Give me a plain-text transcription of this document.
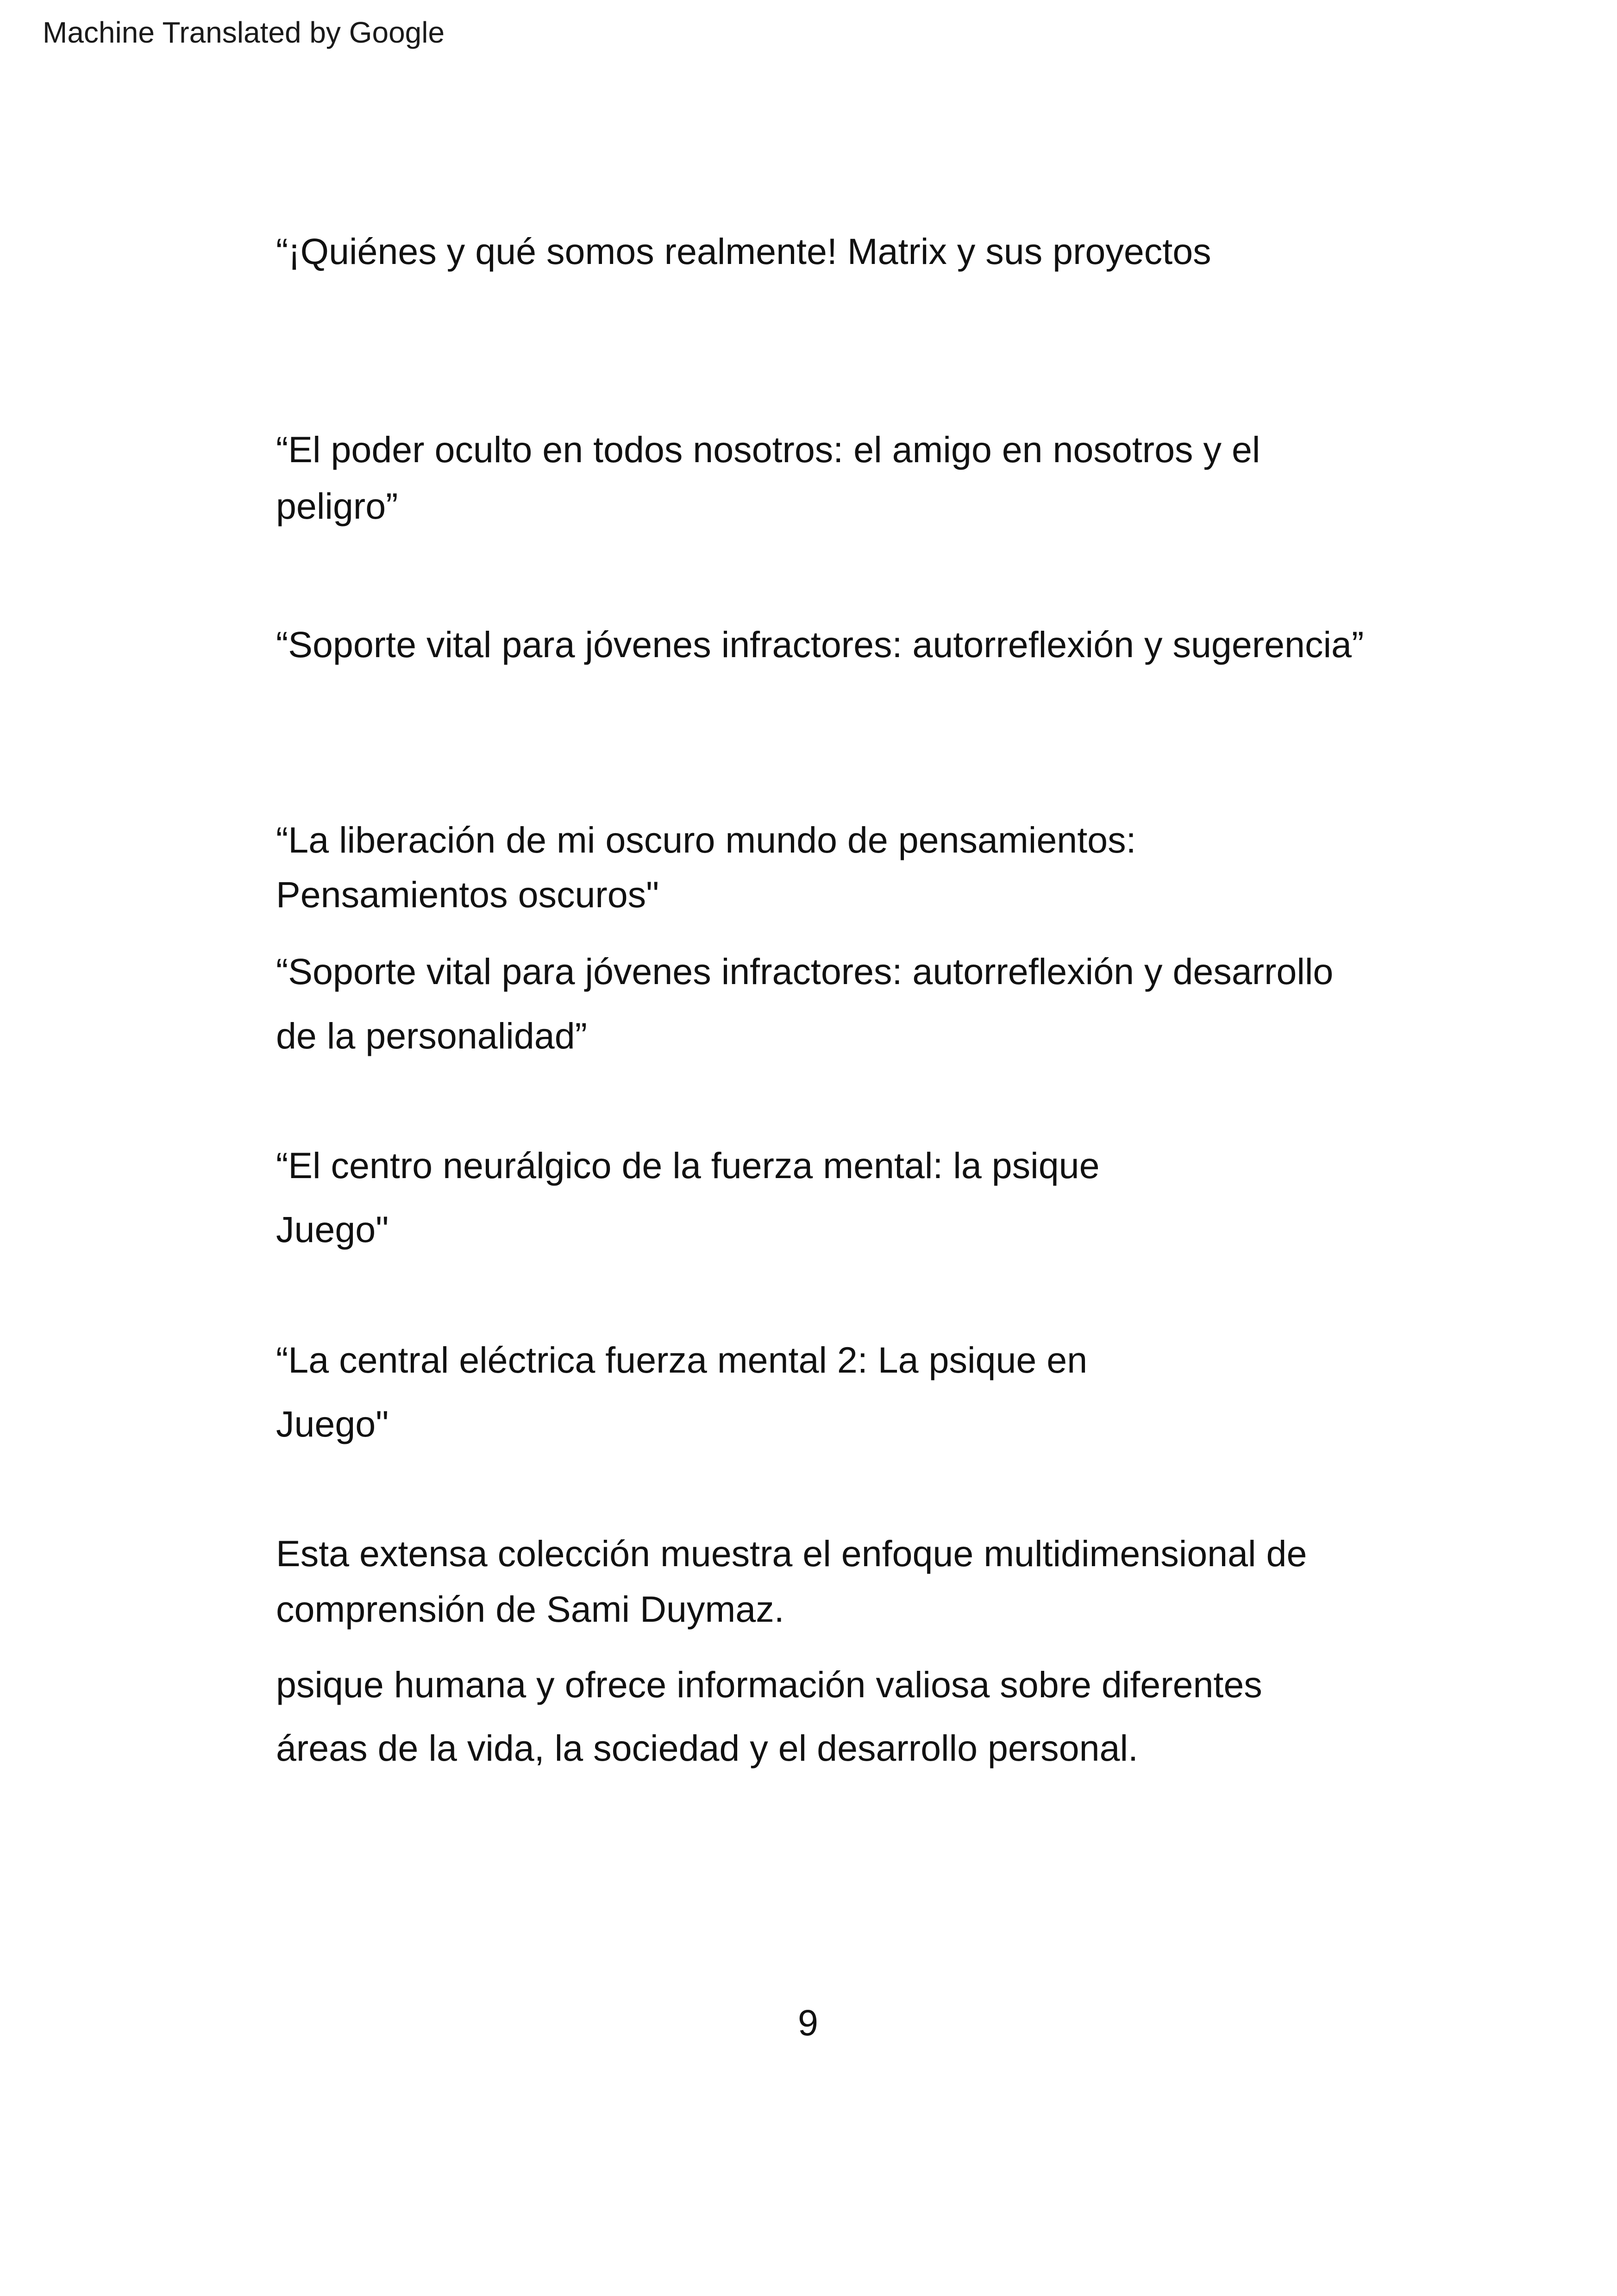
Machine Translated by Google
“¡Quiénes y qué somos realmente! Matrix y sus proyectos
“El poder oculto en todos nosotros: el amigo en nosotros y el
peligro”
“Soporte vital para jóvenes infractores: autorreflexión y sugerencia”
“La liberación de mi oscuro mundo de pensamientos:
Pensamientos oscuros"
“Soporte vital para jóvenes infractores: autorreflexión y desarrollo
de la personalidad”
“El centro neurálgico de la fuerza mental: la psique
Juego"
“La central eléctrica fuerza mental 2: La psique en
Juego"
Esta extensa colección muestra el enfoque multidimensional de
comprensión de Sami Duymaz.
psique humana y ofrece información valiosa sobre diferentes
áreas de la vida, la sociedad y el desarrollo personal.
9
